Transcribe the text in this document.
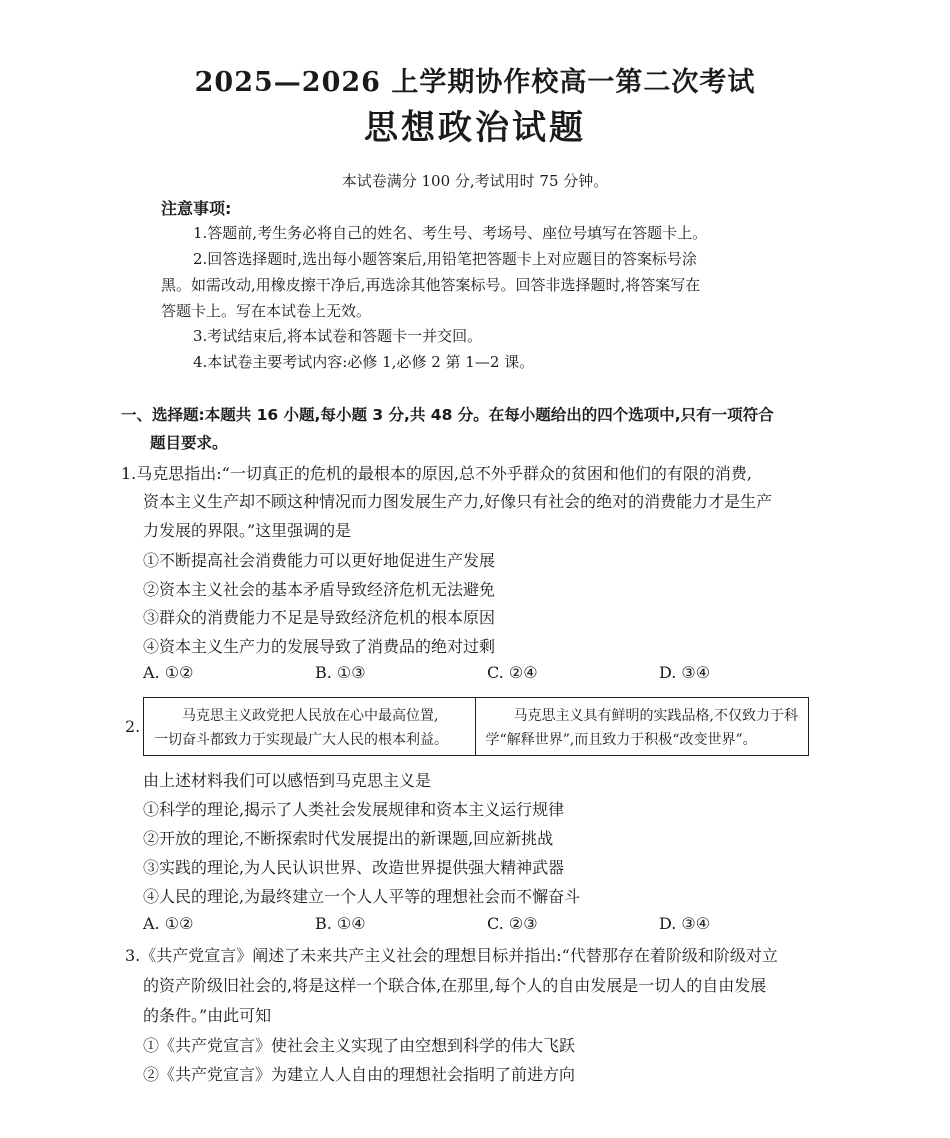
2025—2026 上学期协作校高一第二次考试
思想政治试题
本试卷满分 100 分,考试用时 75 分钟。
注意事项:
1.答题前,考生务必将自己的姓名、考生号、考场号、座位号填写在答题卡上。
2.回答选择题时,选出每小题答案后,用铅笔把答题卡上对应题目的答案标号涂
黑。如需改动,用橡皮擦干净后,再选涂其他答案标号。回答非选择题时,将答案写在
答题卡上。写在本试卷上无效。
3.考试结束后,将本试卷和答题卡一并交回。
4.本试卷主要考试内容:必修 1,必修 2 第 1—2 课。
一、选择题:本题共 16 小题,每小题 3 分,共 48 分。在每小题给出的四个选项中,只有一项符合
题目要求。
1.马克思指出:“一切真正的危机的最根本的原因,总不外乎群众的贫困和他们的有限的消费,
资本主义生产却不顾这种情况而力图发展生产力,好像只有社会的绝对的消费能力才是生产
力发展的界限。”这里强调的是
①不断提高社会消费能力可以更好地促进生产发展
②资本主义社会的基本矛盾导致经济危机无法避免
③群众的消费能力不足是导致经济危机的根本原因
④资本主义生产力的发展导致了消费品的绝对过剩
A. ①②	B. ①③	C. ②④	D. ③④
2.
马克思主义政党把人民放在心中最高位置,
一切奋斗都致力于实现最广大人民的根本利益。
马克思主义具有鲜明的实践品格,不仅致力于科
学“解释世界”,而且致力于积极“改变世界”。
由上述材料我们可以感悟到马克思主义是
①科学的理论,揭示了人类社会发展规律和资本主义运行规律
②开放的理论,不断探索时代发展提出的新课题,回应新挑战
③实践的理论,为人民认识世界、改造世界提供强大精神武器
④人民的理论,为最终建立一个人人平等的理想社会而不懈奋斗
A. ①②	B. ①④	C. ②③	D. ③④
3.《共产党宣言》阐述了未来共产主义社会的理想目标并指出:“代替那存在着阶级和阶级对立
的资产阶级旧社会的,将是这样一个联合体,在那里,每个人的自由发展是一切人的自由发展
的条件。”由此可知
①《共产党宣言》使社会主义实现了由空想到科学的伟大飞跃
②《共产党宣言》为建立人人自由的理想社会指明了前进方向
